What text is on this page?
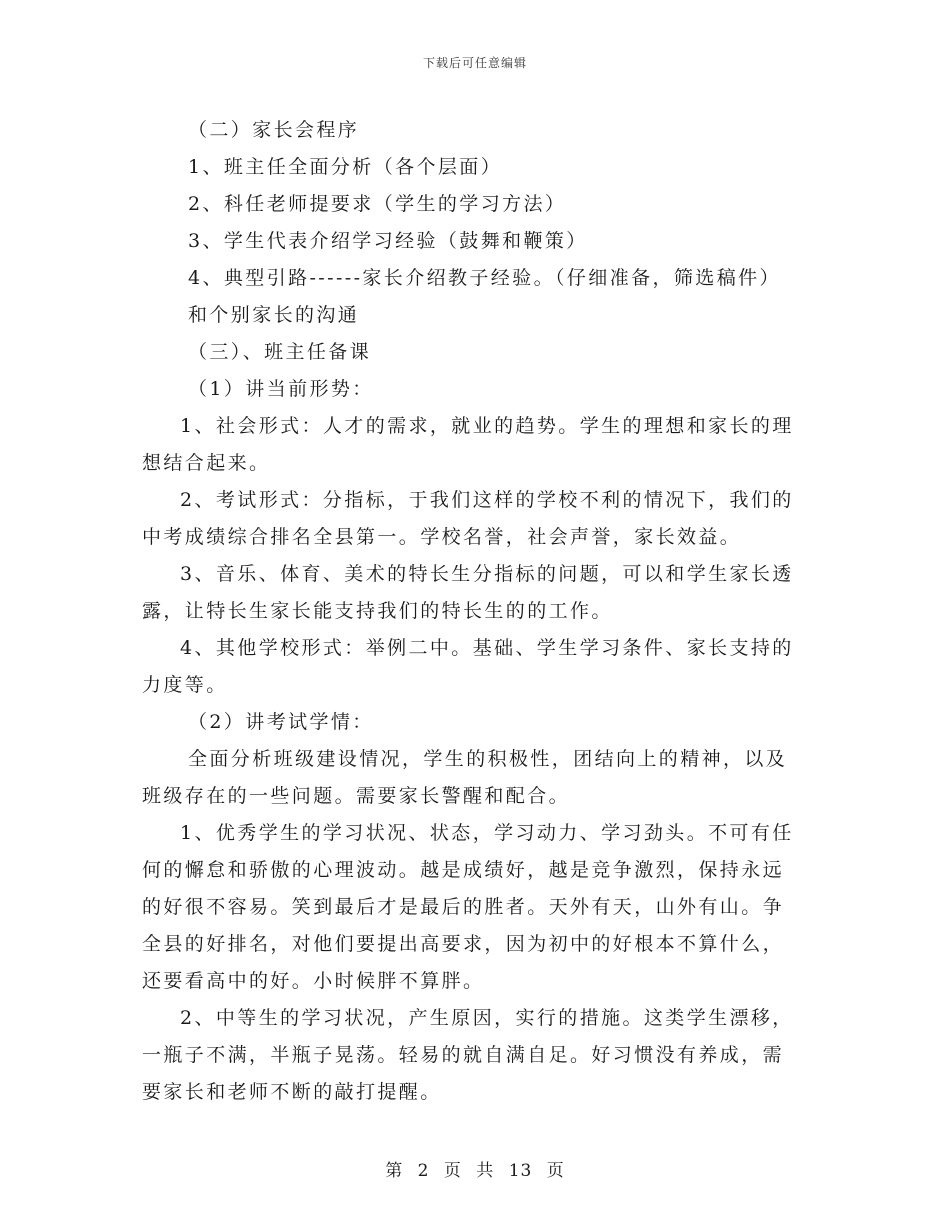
下载后可任意编辑
（二）家长会程序
1、班主任全面分析（各个层面）
2、科任老师提要求（学生的学习方法）
3、学生代表介绍学习经验（鼓舞和鞭策）
4、典型引路------家长介绍教子经验。（仔细准备，筛选稿件）
和个别家长的沟通
（三）、班主任备课
（1）讲当前形势：
1、社会形式：人才的需求，就业的趋势。学生的理想和家长的理
想结合起来。
2、考试形式：分指标，于我们这样的学校不利的情况下，我们的
中考成绩综合排名全县第一。学校名誉，社会声誉，家长效益。
3、音乐、体育、美术的特长生分指标的问题，可以和学生家长透
露，让特长生家长能支持我们的特长生的的工作。
4、其他学校形式：举例二中。基础、学生学习条件、家长支持的
力度等。
（2）讲考试学情：
全面分析班级建设情况，学生的积极性，团结向上的精神，以及
班级存在的一些问题。需要家长警醒和配合。
1、优秀学生的学习状况、状态，学习动力、学习劲头。不可有任
何的懈怠和骄傲的心理波动。越是成绩好，越是竞争激烈，保持永远
的好很不容易。笑到最后才是最后的胜者。天外有天，山外有山。争
全县的好排名，对他们要提出高要求，因为初中的好根本不算什么，
还要看高中的好。小时候胖不算胖。
2、中等生的学习状况，产生原因，实行的措施。这类学生漂移，
一瓶子不满，半瓶子晃荡。轻易的就自满自足。好习惯没有养成，需
要家长和老师不断的敲打提醒。
第 2 页 共 13 页
